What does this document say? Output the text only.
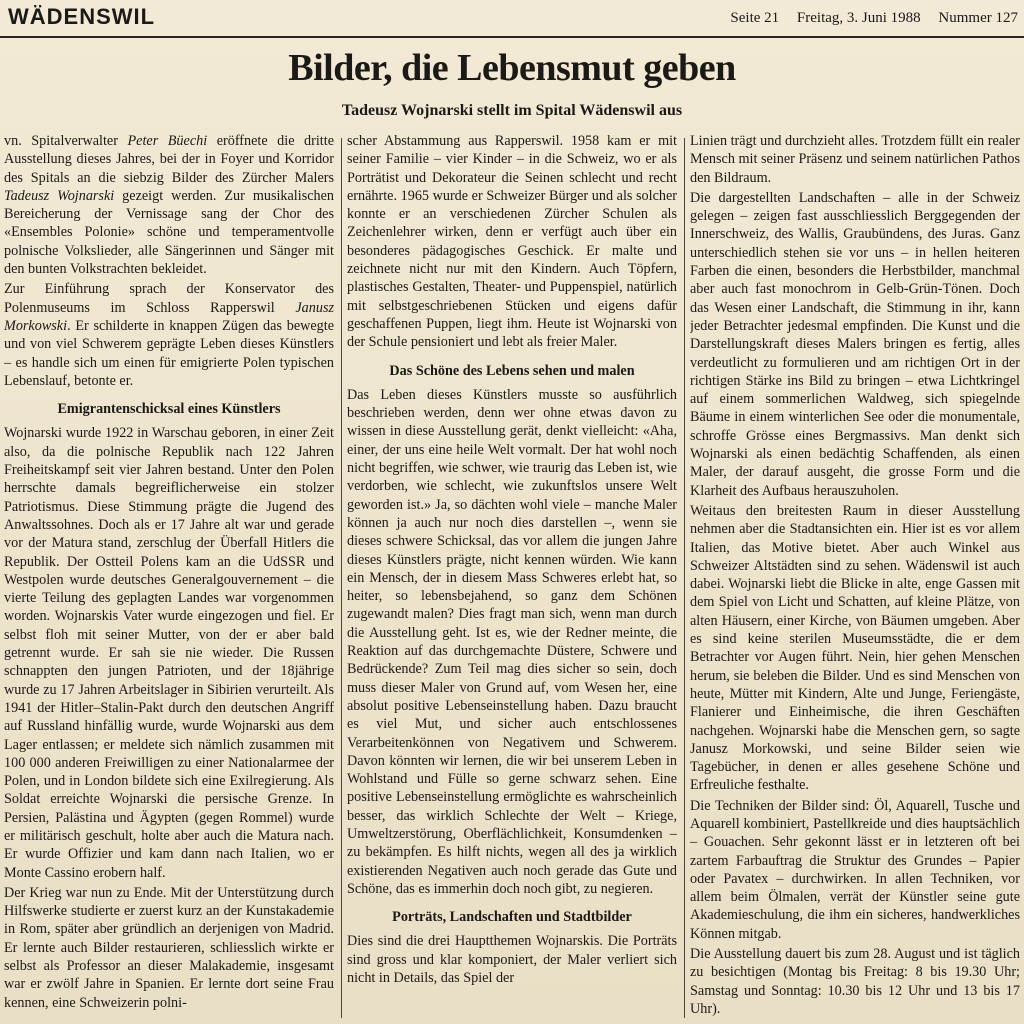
WÄDENSWIL	Seite 21 Freitag, 3. Juni 1988 Nummer 127
Bilder, die Lebensmut geben
Tadeusz Wojnarski stellt im Spital Wädenswil aus

vn. Spitalverwalter Peter Büechi eröffnete die dritte Ausstellung dieses Jahres, bei der in Foyer und Korridor des Spitals an die siebzig Bilder des Zürcher Malers Tadeusz Wojnarski gezeigt werden. Zur musikalischen Bereicherung der Vernissage sang der Chor des «Ensembles Polonie» schöne und temperamentvolle polnische Volkslieder, alle Sängerinnen und Sänger mit den bunten Volkstrachten bekleidet.

Zur Einführung sprach der Konservator des Polenmuseums im Schloss Rapperswil Janusz Morkowski. Er schilderte in knappen Zügen das bewegte und von viel Schwerem geprägte Leben dieses Künstlers – es handle sich um einen für emigrierte Polen typischen Lebenslauf, betonte er.

Emigrantenschicksal eines Künstlers

Wojnarski wurde 1922 in Warschau geboren, in einer Zeit also, da die polnische Republik nach 122 Jahren Freiheitskampf seit vier Jahren bestand. Unter den Polen herrschte damals begreiflicherweise ein stolzer Patriotismus. Diese Stimmung prägte die Jugend des Anwaltssohnes. Doch als er 17 Jahre alt war und gerade vor der Matura stand, zerschlug der Überfall Hitlers die Republik. Der Ostteil Polens kam an die UdSSR und Westpolen wurde deutsches Generalgouvernement – die vierte Teilung des geplagten Landes war vorgenommen worden. Wojnarskis Vater wurde eingezogen und fiel. Er selbst floh mit seiner Mutter, von der er aber bald getrennt wurde. Er sah sie nie wieder. Die Russen schnappten den jungen Patrioten, und der 18jährige wurde zu 17 Jahren Arbeitslager in Sibirien verurteilt. Als 1941 der Hitler–Stalin-Pakt durch den deutschen Angriff auf Russland hinfällig wurde, wurde Wojnarski aus dem Lager entlassen; er meldete sich nämlich zusammen mit 100 000 anderen Freiwilligen zu einer Nationalarmee der Polen, und in London bildete sich eine Exilregierung. Als Soldat erreichte Wojnarski die persische Grenze. In Persien, Palästina und Ägypten (gegen Rommel) wurde er militärisch geschult, holte aber auch die Matura nach. Er wurde Offizier und kam dann nach Italien, wo er Monte Cassino erobern half.

Der Krieg war nun zu Ende. Mit der Unterstützung durch Hilfswerke studierte er zuerst kurz an der Kunstakademie in Rom, später aber gründlich an derjenigen von Madrid. Er lernte auch Bilder restaurieren, schliesslich wirkte er selbst als Professor an dieser Malakademie, insgesamt war er zwölf Jahre in Spanien. Er lernte dort seine Frau kennen, eine Schweizerin polni-

scher Abstammung aus Rapperswil. 1958 kam er mit seiner Familie – vier Kinder – in die Schweiz, wo er als Porträtist und Dekorateur die Seinen schlecht und recht ernährte. 1965 wurde er Schweizer Bürger und als solcher konnte er an verschiedenen Zürcher Schulen als Zeichenlehrer wirken, denn er verfügt auch über ein besonderes pädagogisches Geschick. Er malte und zeichnete nicht nur mit den Kindern. Auch Töpfern, plastisches Gestalten, Theater- und Puppenspiel, natürlich mit selbstgeschriebenen Stücken und eigens dafür geschaffenen Puppen, liegt ihm. Heute ist Wojnarski von der Schule pensioniert und lebt als freier Maler.

Das Schöne des Lebens sehen und malen

Das Leben dieses Künstlers musste so ausführlich beschrieben werden, denn wer ohne etwas davon zu wissen in diese Ausstellung gerät, denkt vielleicht: «Aha, einer, der uns eine heile Welt vormalt. Der hat wohl noch nicht begriffen, wie schwer, wie traurig das Leben ist, wie verdorben, wie schlecht, wie zukunftslos unsere Welt geworden ist.» Ja, so dächten wohl viele – manche Maler können ja auch nur noch dies darstellen –, wenn sie dieses schwere Schicksal, das vor allem die jungen Jahre dieses Künstlers prägte, nicht kennen würden. Wie kann ein Mensch, der in diesem Mass Schweres erlebt hat, so heiter, so lebensbejahend, so ganz dem Schönen zugewandt malen? Dies fragt man sich, wenn man durch die Ausstellung geht. Ist es, wie der Redner meinte, die Reaktion auf das durchgemachte Düstere, Schwere und Bedrückende? Zum Teil mag dies sicher so sein, doch muss dieser Maler von Grund auf, vom Wesen her, eine absolut positive Lebenseinstellung haben. Dazu braucht es viel Mut, und sicher auch entschlossenes Verarbeitenkönnen von Negativem und Schwerem. Davon könnten wir lernen, die wir bei unserem Leben in Wohlstand und Fülle so gerne schwarz sehen. Eine positive Lebenseinstellung ermöglichte es wahrscheinlich besser, das wirklich Schlechte der Welt – Kriege, Umweltzerstörung, Oberflächlichkeit, Konsumdenken – zu bekämpfen. Es hilft nichts, wegen all des ja wirklich existierenden Negativen auch noch gerade das Gute und Schöne, das es immerhin doch noch gibt, zu negieren.

Porträts, Landschaften und Stadtbilder

Dies sind die drei Hauptthemen Wojnarskis. Die Porträts sind gross und klar komponiert, der Maler verliert sich nicht in Details, das Spiel der

Linien trägt und durchzieht alles. Trotzdem füllt ein realer Mensch mit seiner Präsenz und seinem natürlichen Pathos den Bildraum.

Die dargestellten Landschaften – alle in der Schweiz gelegen – zeigen fast ausschliesslich Berggegenden der Innerschweiz, des Wallis, Graubündens, des Juras. Ganz unterschiedlich stehen sie vor uns – in hellen heiteren Farben die einen, besonders die Herbstbilder, manchmal aber auch fast monochrom in Gelb-Grün-Tönen. Doch das Wesen einer Landschaft, die Stimmung in ihr, kann jeder Betrachter jedesmal empfinden. Die Kunst und die Darstellungskraft dieses Malers bringen es fertig, alles verdeutlicht zu formulieren und am richtigen Ort in der richtigen Stärke ins Bild zu bringen – etwa Lichtkringel auf einem sommerlichen Waldweg, sich spiegelnde Bäume in einem winterlichen See oder die monumentale, schroffe Grösse eines Bergmassivs. Man denkt sich Wojnarski als einen bedächtig Schaffenden, als einen Maler, der darauf ausgeht, die grosse Form und die Klarheit des Aufbaus herauszuholen.

Weitaus den breitesten Raum in dieser Ausstellung nehmen aber die Stadtansichten ein. Hier ist es vor allem Italien, das Motive bietet. Aber auch Winkel aus Schweizer Altstädten sind zu sehen. Wädenswil ist auch dabei. Wojnarski liebt die Blicke in alte, enge Gassen mit dem Spiel von Licht und Schatten, auf kleine Plätze, von alten Häusern, einer Kirche, von Bäumen umgeben. Aber es sind keine sterilen Museumsstädte, die er dem Betrachter vor Augen führt. Nein, hier gehen Menschen herum, sie beleben die Bilder. Und es sind Menschen von heute, Mütter mit Kindern, Alte und Junge, Feriengäste, Flanierer und Einheimische, die ihren Geschäften nachgehen. Wojnarski habe die Menschen gern, so sagte Janusz Morkowski, und seine Bilder seien wie Tagebücher, in denen er alles gesehene Schöne und Erfreuliche festhalte.

Die Techniken der Bilder sind: Öl, Aquarell, Tusche und Aquarell kombiniert, Pastellkreide und dies hauptsächlich – Gouachen. Sehr gekonnt lässt er in letzteren oft bei zartem Farbauftrag die Struktur des Grundes – Papier oder Pavatex – durchwirken. In allen Techniken, vor allem beim Ölmalen, verrät der Künstler seine gute Akademieschulung, die ihm ein sicheres, handwerkliches Können mitgab.

Die Ausstellung dauert bis zum 28. August und ist täglich zu besichtigen (Montag bis Freitag: 8 bis 19.30 Uhr; Samstag und Sonntag: 10.30 bis 12 Uhr und 13 bis 17 Uhr).
